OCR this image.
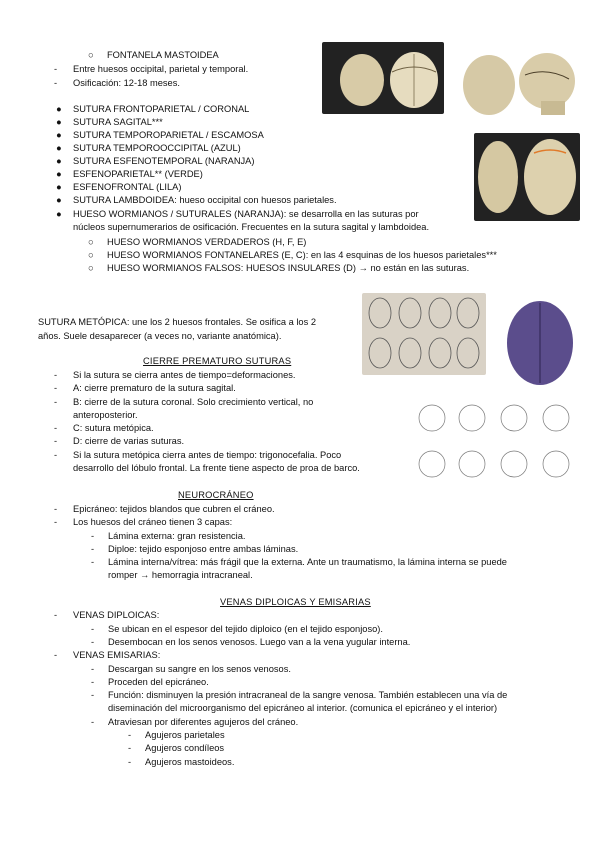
○ FONTANELA MASTOIDEA
- Entre huesos occipital, parietal y temporal.
- Osificación: 12-18 meses.
● SUTURA FRONTOPARIETAL / CORONAL
● SUTURA SAGITAL***
● SUTURA TEMPOROPARIETAL / ESCAMOSA
● SUTURA TEMPOROOCCIPITAL (AZUL)
● SUTURA ESFENOTEMPORAL (NARANJA)
● ESFENOPARIETAL** (VERDE)
● ESFENOFRONTAL (LILA)
● SUTURA LAMBDOIDEA: hueso occipital con huesos parietales.
● HUESO WORMIANOS / SUTURALES (NARANJA): se desarrolla en las suturas por
núcleos supernumerarios de osificación. Frecuentes en la sutura sagital y lambdoidea.
○ HUESO WORMIANOS VERDADEROS (H, F, E)
○ HUESO WORMIANOS FONTANELARES (E, C): en las 4 esquinas de los huesos parietales***
○ HUESO WORMIANOS FALSOS: HUESOS INSULARES (D) → no están en las suturas.
SUTURA METÓPICA: une los 2 huesos frontales. Se osifica a los 2
años. Suele desaparecer (a veces no, variante anatómica).
CIERRE PREMATURO SUTURAS
- Si la sutura se cierra antes de tiempo=deformaciones.
- A: cierre prematuro de la sutura sagital.
- B: cierre de la sutura coronal. Solo crecimiento vertical, no
anteroposterior.
- C: sutura metópica.
- D: cierre de varias suturas.
- Si la sutura metópica cierra antes de tiempo: trigonocefalia. Poco
desarrollo del lóbulo frontal. La frente tiene aspecto de proa de barco.
NEUROCRÁNEO
- Epicráneo: tejidos blandos que cubren el cráneo.
- Los huesos del cráneo tienen 3 capas:
- Lámina externa: gran resistencia.
- Diploe: tejido esponjoso entre ambas láminas.
- Lámina interna/vítrea: más frágil que la externa. Ante un traumatismo, la lámina interna se puede
romper → hemorragia intracraneal.
VENAS DIPLOICAS Y EMISARIAS
- VENAS DIPLOICAS:
- Se ubican en el espesor del tejido diploico (en el tejido esponjoso).
- Desembocan en los senos venosos. Luego van a la vena yugular interna.
- VENAS EMISARIAS:
- Descargan su sangre en los senos venosos.
- Proceden del epicráneo.
- Función: disminuyen la presión intracraneal de la sangre venosa. También establecen una vía de
diseminación del microorganismo del epicráneo al interior. (comunica el epicráneo y el interior)
- Atraviesan por diferentes agujeros del cráneo.
- Agujeros parietales
- Agujeros condíleos
- Agujeros mastoideos.
